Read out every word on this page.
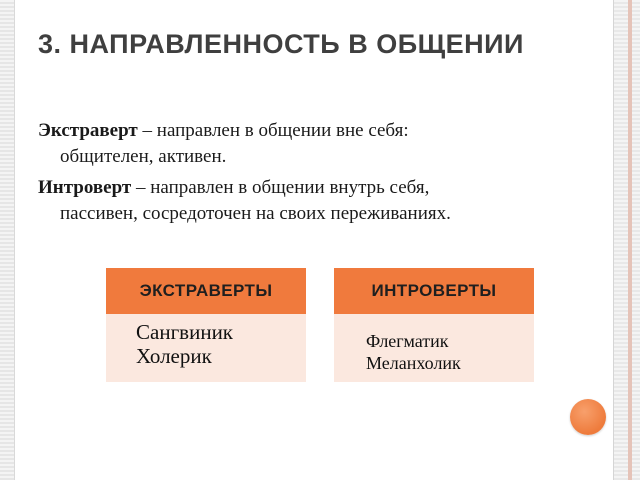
3. НАПРАВЛЕННОСТЬ В ОБЩЕНИИ
Экстраверт – направлен в общении вне себя:
общителен, активен.
Интроверт – направлен в общении внутрь себя,
пассивен, сосредоточен на своих переживаниях.
ЭКСТРАВЕРТЫ
Сангвиник
Холерик
ИНТРОВЕРТЫ
Флегматик
Меланхолик
